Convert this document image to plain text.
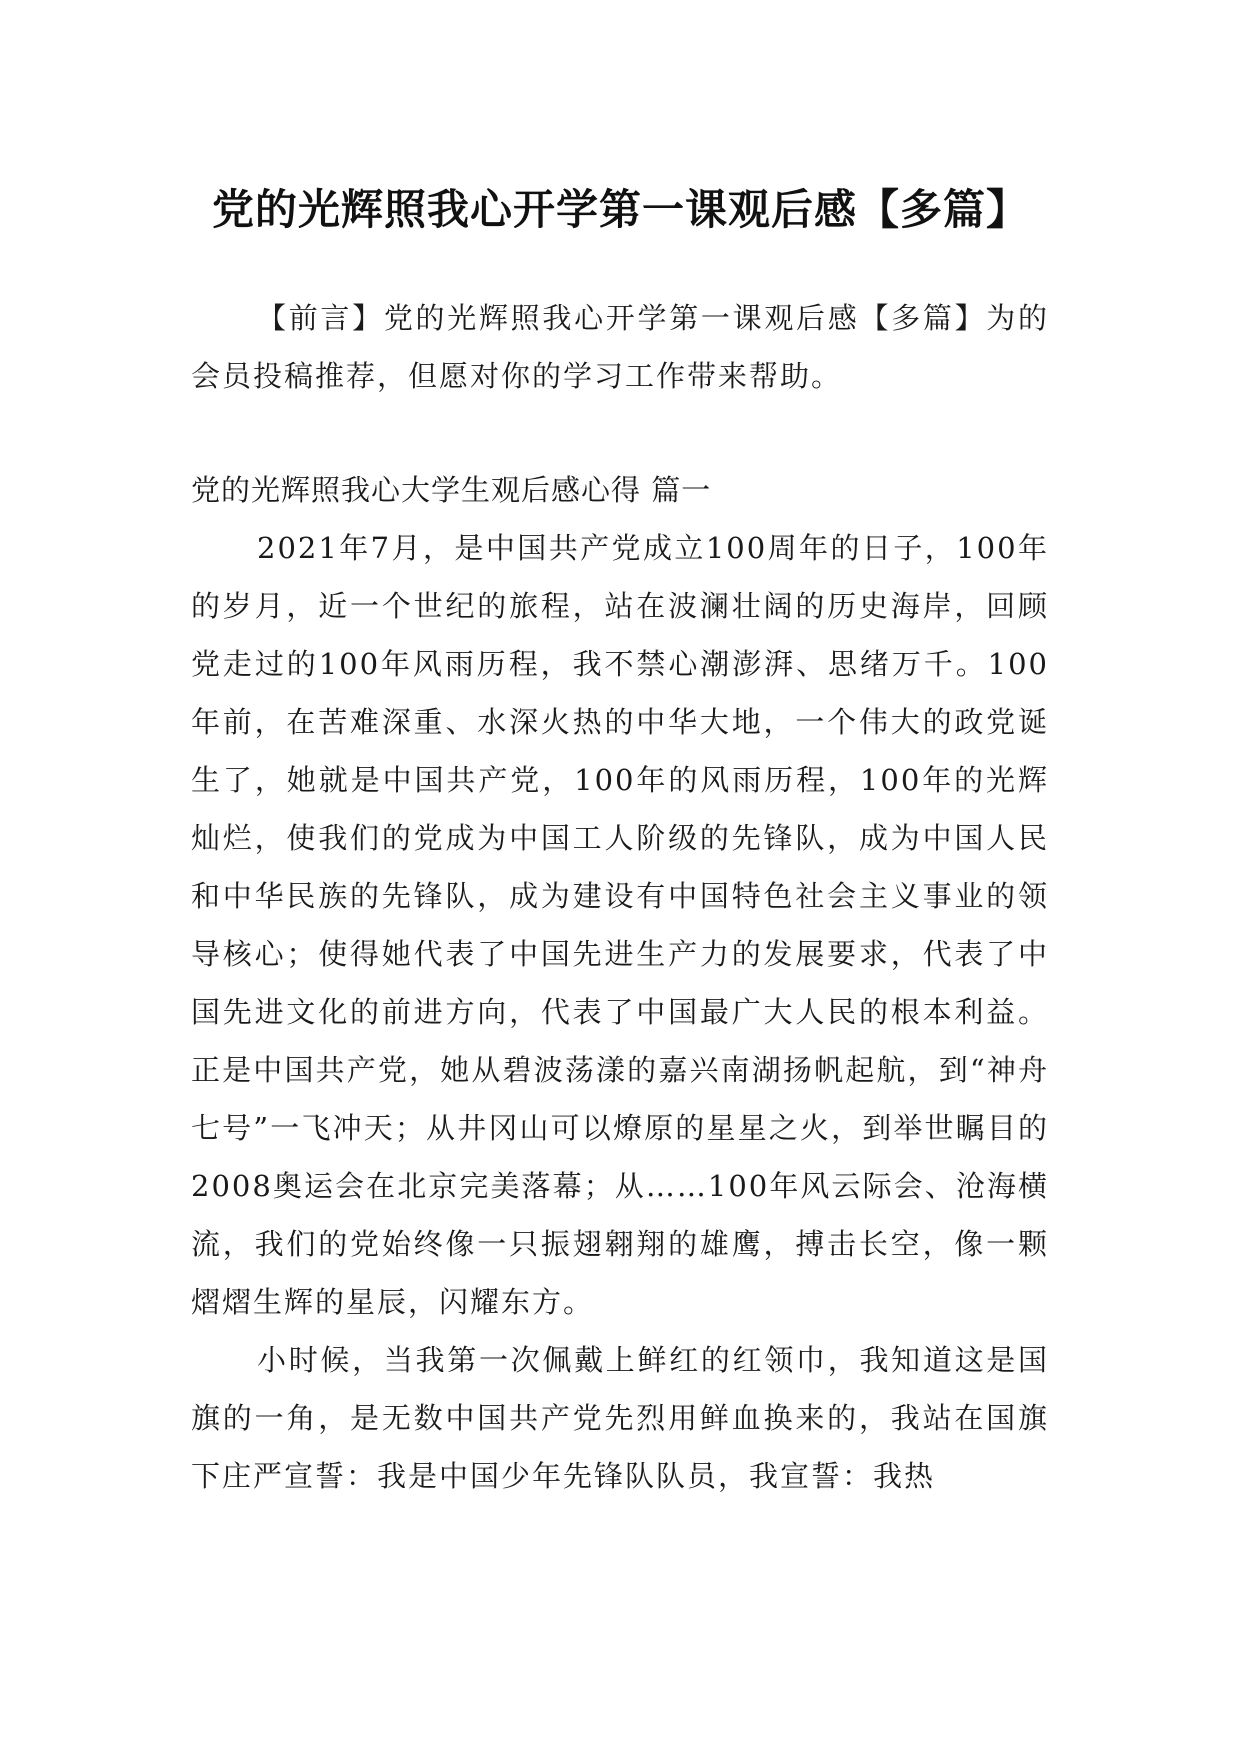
党的光辉照我心开学第一课观后感【多篇】

【前言】党的光辉照我心开学第一课观后感【多篇】为的会员投稿推荐，但愿对你的学习工作带来帮助。

党的光辉照我心大学生观后感心得 篇一

2021年7月，是中国共产党成立100周年的日子，100年的岁月，近一个世纪的旅程，站在波澜壮阔的历史海岸，回顾党走过的100年风雨历程，我不禁心潮澎湃、思绪万千。100年前，在苦难深重、水深火热的中华大地，一个伟大的政党诞生了，她就是中国共产党，100年的风雨历程，100年的光辉灿烂，使我们的党成为中国工人阶级的先锋队，成为中国人民和中华民族的先锋队，成为建设有中国特色社会主义事业的领导核心；使得她代表了中国先进生产力的发展要求，代表了中国先进文化的前进方向，代表了中国最广大人民的根本利益。正是中国共产党，她从碧波荡漾的嘉兴南湖扬帆起航，到“神舟七号”一飞冲天；从井冈山可以燎原的星星之火，到举世瞩目的2008奥运会在北京完美落幕；从……100年风云际会、沧海横流，我们的党始终像一只振翅翱翔的雄鹰，搏击长空，像一颗熠熠生辉的星辰，闪耀东方。

小时候，当我第一次佩戴上鲜红的红领巾，我知道这是国旗的一角，是无数中国共产党先烈用鲜血换来的，我站在国旗下庄严宣誓：我是中国少年先锋队队员，我宣誓：我热
